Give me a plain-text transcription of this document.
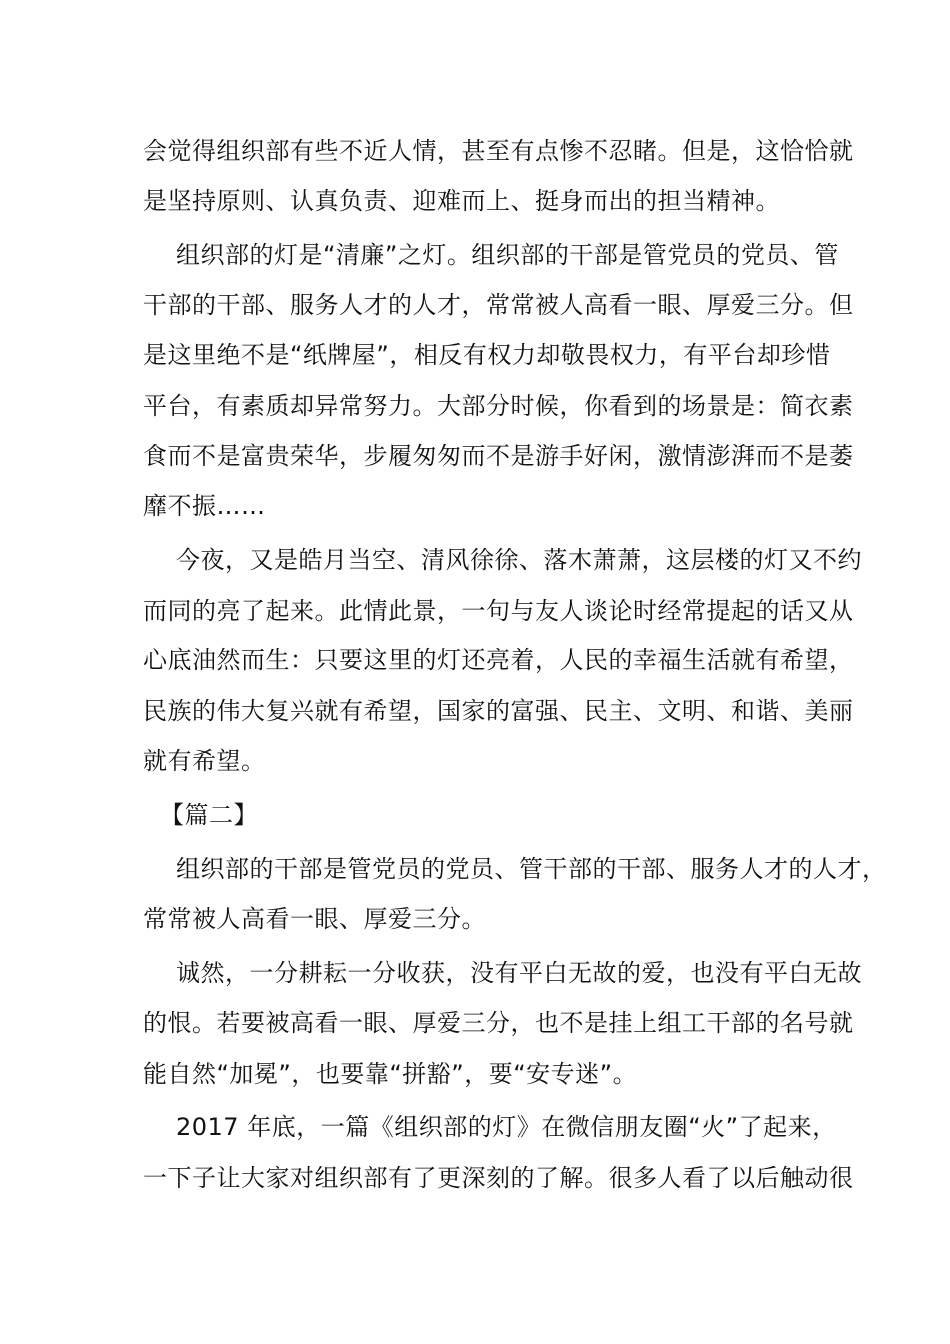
会觉得组织部有些不近人情，甚至有点惨不忍睹。但是，这恰恰就
是坚持原则、认真负责、迎难而上、挺身而出的担当精神。
组织部的灯是“清廉”之灯。组织部的干部是管党员的党员、管
干部的干部、服务人才的人才，常常被人高看一眼、厚爱三分。但
是这里绝不是“纸牌屋”，相反有权力却敬畏权力，有平台却珍惜
平台，有素质却异常努力。大部分时候，你看到的场景是：简衣素
食而不是富贵荣华，步履匆匆而不是游手好闲，激情澎湃而不是萎
靡不振……
今夜，又是皓月当空、清风徐徐、落木萧萧，这层楼的灯又不约
而同的亮了起来。此情此景，一句与友人谈论时经常提起的话又从
心底油然而生：只要这里的灯还亮着，人民的幸福生活就有希望，
民族的伟大复兴就有希望，国家的富强、民主、文明、和谐、美丽
就有希望。
【篇二】
组织部的干部是管党员的党员、管干部的干部、服务人才的人才，
常常被人高看一眼、厚爱三分。
诚然，一分耕耘一分收获，没有平白无故的爱，也没有平白无故
的恨。若要被高看一眼、厚爱三分，也不是挂上组工干部的名号就
能自然“加冕”，也要靠“拼豁”，要“安专迷”。
2017 年底，一篇《组织部的灯》在微信朋友圈“火”了起来，
一下子让大家对组织部有了更深刻的了解。很多人看了以后触动很
